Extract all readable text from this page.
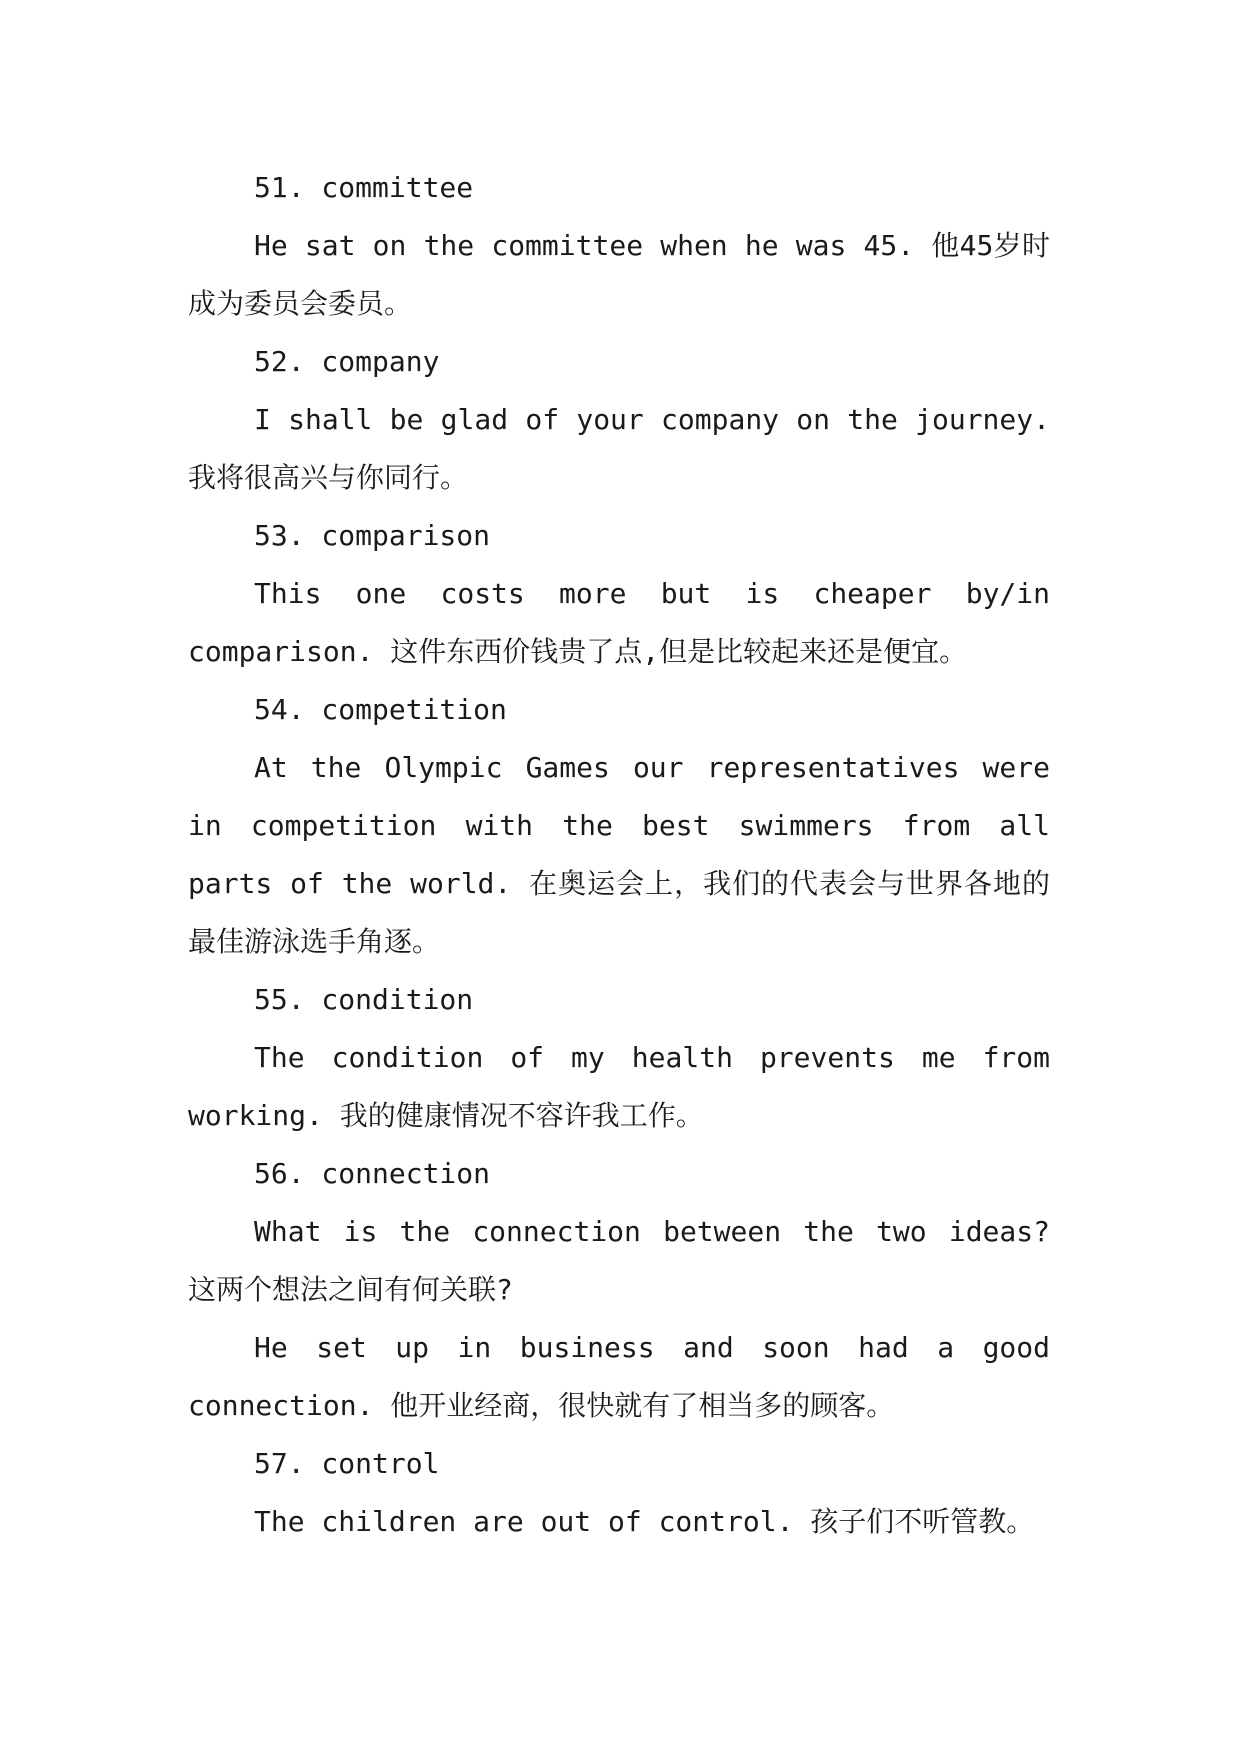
51. committee

He sat on the committee when he was 45. 他45岁时成为委员会委员。

52. company

I shall be glad of your company on the journey. 我将很高兴与你同行。

53. comparison

This one costs more but is cheaper by/in comparison. 这件东西价钱贵了点,但是比较起来还是便宜。

54. competition

At the Olympic Games our representatives were in competition with the best swimmers from all parts of the world. 在奥运会上，我们的代表会与世界各地的最佳游泳选手角逐。

55. condition

The condition of my health prevents me from working. 我的健康情况不容许我工作。

56. connection

What is the connection between the two ideas? 这两个想法之间有何关联?

He set up in business and soon had a good connection. 他开业经商，很快就有了相当多的顾客。

57. control

The children are out of control. 孩子们不听管教。
